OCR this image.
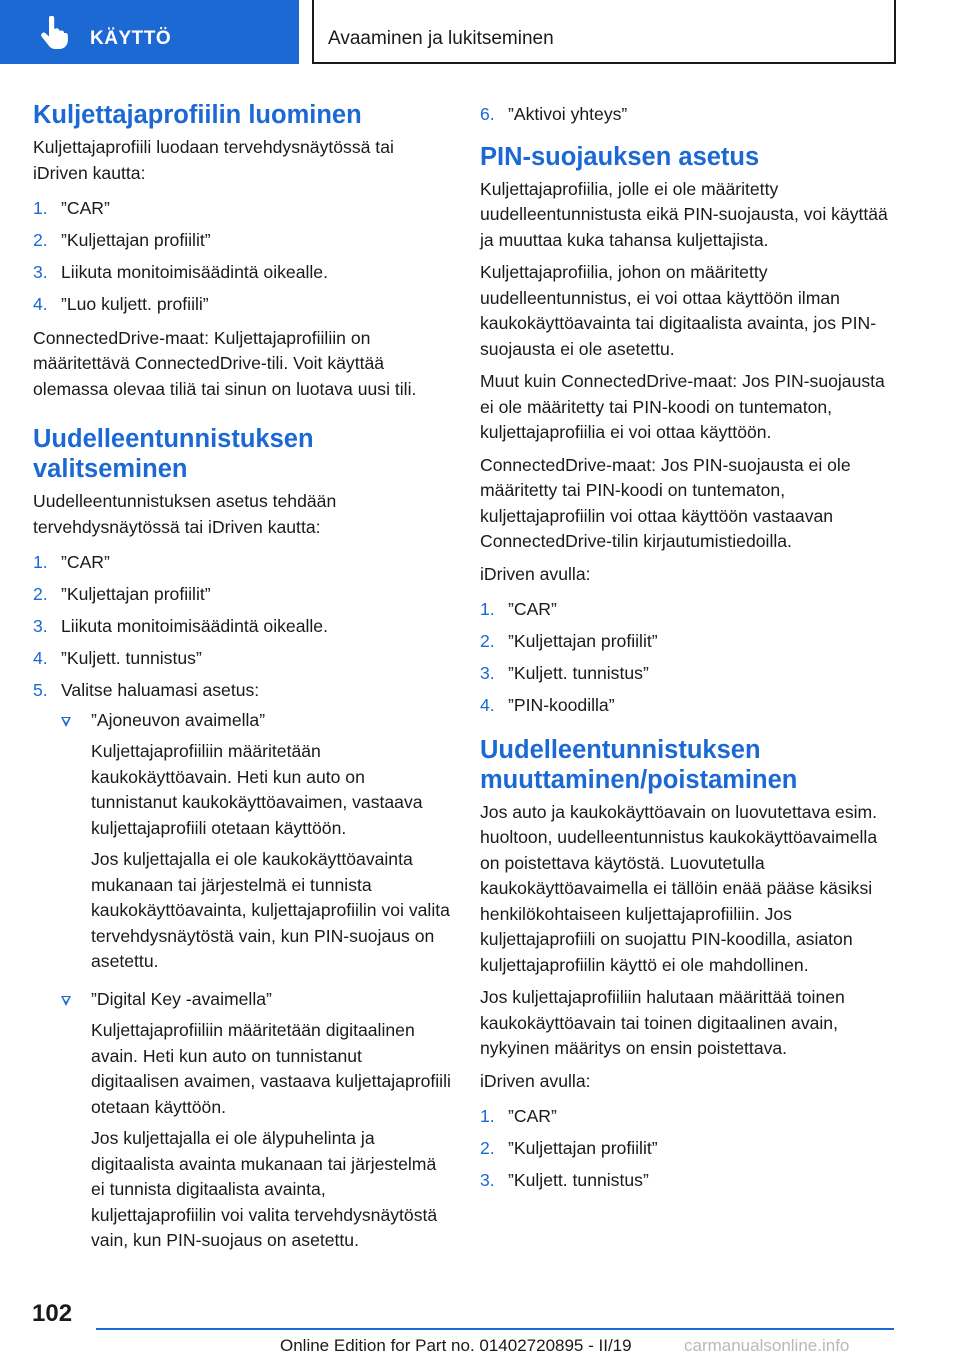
KÄYTTÖ	Avaaminen ja lukitseminen
Kuljettajaprofiilin luominen

Kuljettajaprofiili luodaan tervehdysnäytössä tai iDriven kautta:

1. ”CAR”
2. ”Kuljettajan profiilit”
3. Liikuta monitoimisäädintä oikealle.
4. ”Luo kuljett. profiili”

ConnectedDrive-maat: Kuljettajaprofiiliin on määritettävä ConnectedDrive-tili. Voit käyttää olemassa olevaa tiliä tai sinun on luotava uusi tili.

Uudelleentunnistuksen valitseminen

Uudelleentunnistuksen asetus tehdään tervehdysnäytössä tai iDriven kautta:

1. ”CAR”
2. ”Kuljettajan profiilit”
3. Liikuta monitoimisäädintä oikealle.
4. ”Kuljett. tunnistus”
5. Valitse haluamasi asetus:

”Ajoneuvon avaimella”

Kuljettajaprofiiliin määritetään kaukokäyttöavain. Heti kun auto on tunnistanut kaukokäyttöavaimen, vastaava kuljettajaprofiili otetaan käyttöön.

Jos kuljettajalla ei ole kaukokäyttöavainta mukanaan tai järjestelmä ei tunnista kaukokäyttöavainta, kuljettajaprofiilin voi valita tervehdysnäytöstä vain, kun PIN-suojaus on asetettu.

”Digital Key -avaimella”

Kuljettajaprofiiliin määritetään digitaalinen avain. Heti kun auto on tunnistanut digitaalisen avaimen, vastaava kuljettajaprofiili otetaan käyttöön.

Jos kuljettajalla ei ole älypuhelinta ja digitaalista avainta mukanaan tai järjestelmä ei tunnista digitaalista avainta, kuljettajaprofiilin voi valita tervehdysnäytöstä vain, kun PIN-suojaus on asetettu.

6. ”Aktivoi yhteys”
PIN-suojauksen asetus

Kuljettajaprofiilia, jolle ei ole määritetty uudelleentunnistusta eikä PIN-suojausta, voi käyttää ja muuttaa kuka tahansa kuljettajista.

Kuljettajaprofiilia, johon on määritetty uudelleentunnistus, ei voi ottaa käyttöön ilman kaukokäyttöavainta tai digitaalista avainta, jos PIN-suojausta ei ole asetettu.

Muut kuin ConnectedDrive-maat: Jos PIN-suojausta ei ole määritetty tai PIN-koodi on tuntematon, kuljettajaprofiilia ei voi ottaa käyttöön.

ConnectedDrive-maat: Jos PIN-suojausta ei ole määritetty tai PIN-koodi on tuntematon, kuljettajaprofiilin voi ottaa käyttöön vastaavan ConnectedDrive-tilin kirjautumistiedoilla.

iDriven avulla:

1. ”CAR”
2. ”Kuljettajan profiilit”
3. ”Kuljett. tunnistus”
4. ”PIN-koodilla”
Uudelleentunnistuksen muuttaminen/poistaminen

Jos auto ja kaukokäyttöavain on luovutettava esim. huoltoon, uudelleentunnistus kaukokäyttöavaimella on poistettava käytöstä. Luovutetulla kaukokäyttöavaimella ei tällöin enää pääse käsiksi henkilökohtaiseen kuljettajaprofiiliin. Jos kuljettajaprofiili on suojattu PIN-koodilla, asiaton kuljettajaprofiilin käyttö ei ole mahdollinen.

Jos kuljettajaprofiiliin halutaan määrittää toinen kaukokäyttöavain tai toinen digitaalinen avain, nykyinen määritys on ensin poistettava.

iDriven avulla:

1. ”CAR”
2. ”Kuljettajan profiilit”
3. ”Kuljett. tunnistus”
102
Online Edition for Part no. 01402720895 - II/19	carmanualsonline.info
